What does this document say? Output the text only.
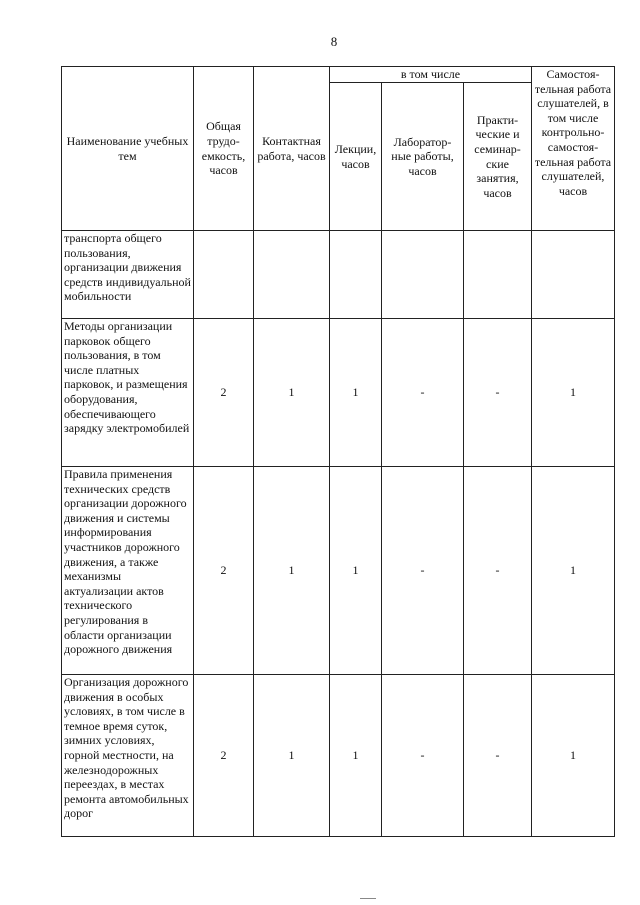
8
Наименование учебных тем	Общая трудо-емкость, часов	Контактная работа, часов	в том числе			Самостоя-тельная работа слушателей, в том числе контрольно-самостоя-тельная работа слушателей, часов
			Лекции, часов	Лаборатор-ные работы, часов	Практи-ческие и семинар-ские занятия, часов	
транспорта общего пользования, организации движения средств индивидуальной мобильности						
Методы организации парковок общего пользования, в том числе платных парковок, и размещения оборудования, обеспечивающего зарядку электромобилей	2	1	1	-	-	1
Правила применения технических средств организации дорожного движения и системы информирования участников дорожного движения, а также механизмы актуализации актов технического регулирования в области организации дорожного движения	2	1	1	-	-	1
Организация дорожного движения в особых условиях, в том числе в темное время суток, зимних условиях, горной местности, на железнодорожных переездах, в местах ремонта автомобильных дорог	2	1	1	-	-	1
